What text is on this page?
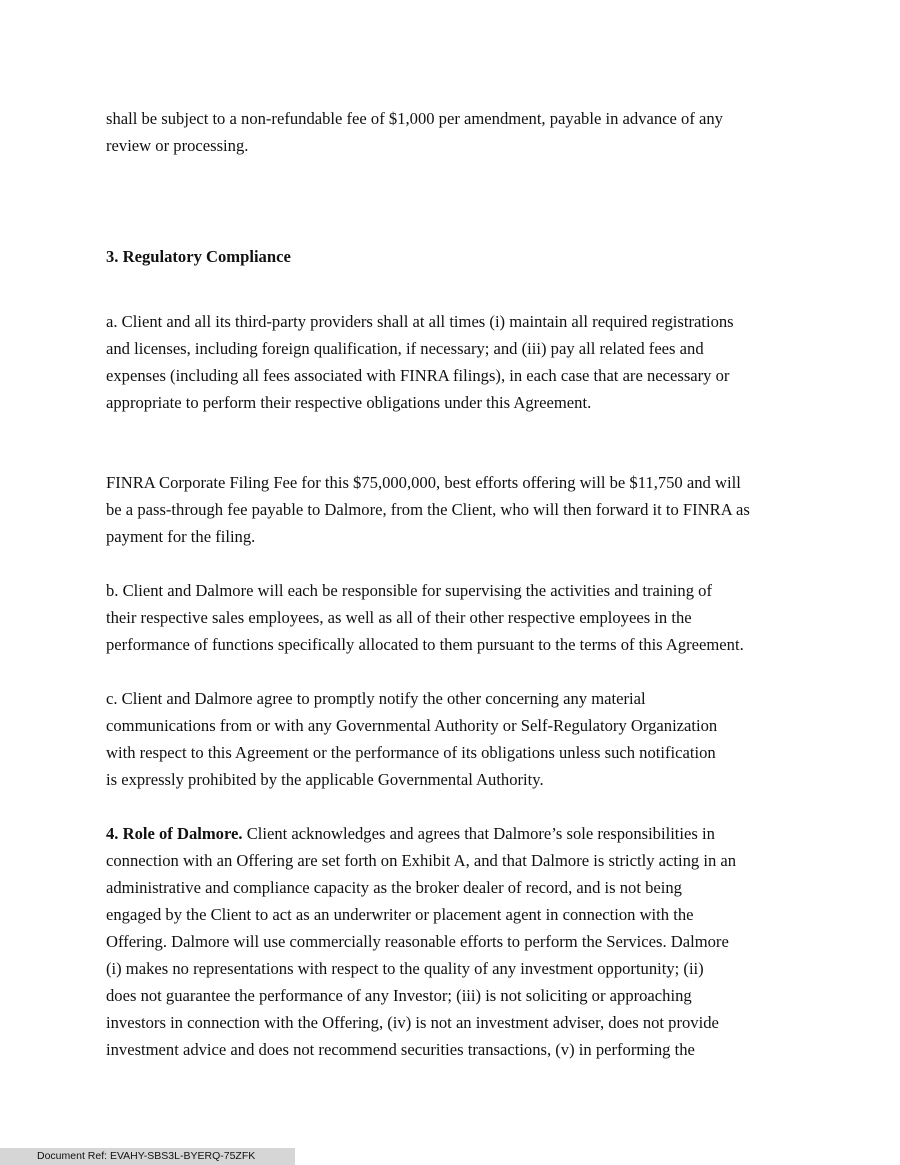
shall be subject to a non-refundable fee of $1,000 per amendment, payable in advance of any
review or processing.

3. Regulatory Compliance

a. Client and all its third-party providers shall at all times (i) maintain all required registrations
and licenses, including foreign qualification, if necessary; and (iii) pay all related fees and
expenses (including all fees associated with FINRA filings), in each case that are necessary or
appropriate to perform their respective obligations under this Agreement.

FINRA Corporate Filing Fee for this $75,000,000, best efforts offering will be $11,750 and will
be a pass-through fee payable to Dalmore, from the Client, who will then forward it to FINRA as
payment for the filing.

b. Client and Dalmore will each be responsible for supervising the activities and training of
their respective sales employees, as well as all of their other respective employees in the
performance of functions specifically allocated to them pursuant to the terms of this Agreement.

c. Client and Dalmore agree to promptly notify the other concerning any material
communications from or with any Governmental Authority or Self-Regulatory Organization
with respect to this Agreement or the performance of its obligations unless such notification
is expressly prohibited by the applicable Governmental Authority.

4. Role of Dalmore. Client acknowledges and agrees that Dalmore’s sole responsibilities in
connection with an Offering are set forth on Exhibit A, and that Dalmore is strictly acting in an
administrative and compliance capacity as the broker dealer of record, and is not being
engaged by the Client to act as an underwriter or placement agent in connection with the
Offering. Dalmore will use commercially reasonable efforts to perform the Services. Dalmore
(i) makes no representations with respect to the quality of any investment opportunity; (ii)
does not guarantee the performance of any Investor; (iii) is not soliciting or approaching
investors in connection with the Offering, (iv) is not an investment adviser, does not provide
investment advice and does not recommend securities transactions, (v) in performing the

Document Ref: EVAHY-SBS3L-BYERQ-75ZFK
